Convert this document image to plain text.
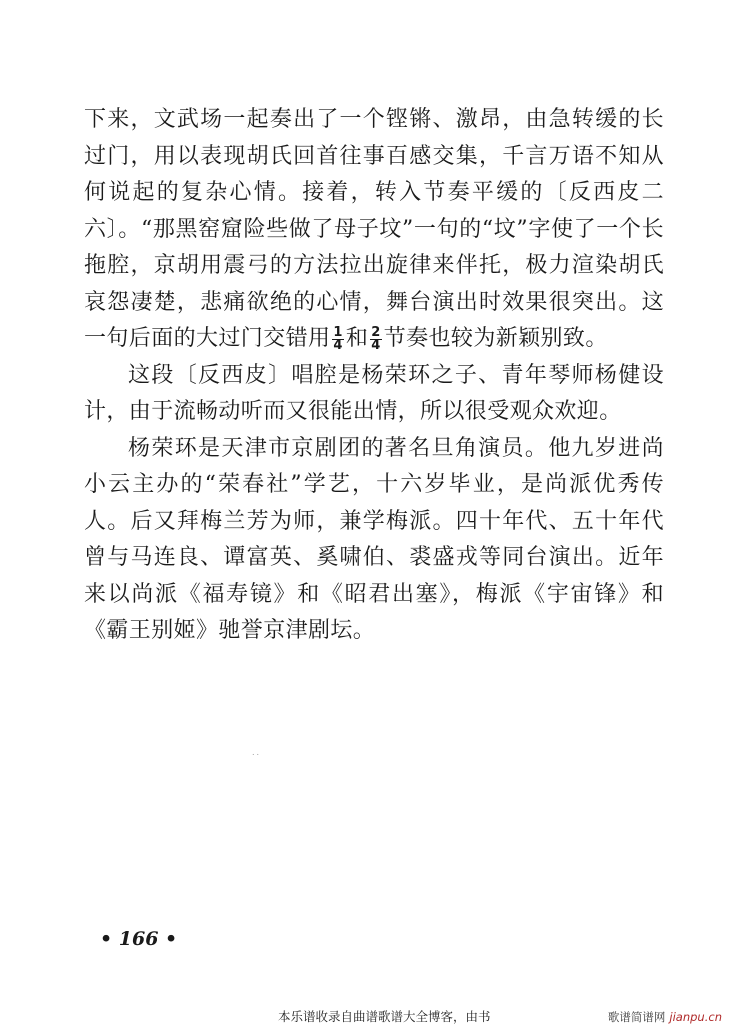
下来，文武场一起奏出了一个铿锵、激昂，由急转缓的长过门，用以表现胡氏回首往事百感交集，千言万语不知从何说起的复杂心情。接着，转入节奏平缓的〔反西皮二六〕。“那黑窑窟险些做了母子坟”一句的“坟”字使了一个长拖腔，京胡用震弓的方法拉出旋律来伴托，极力渲染胡氏哀怨凄楚，悲痛欲绝的心情，舞台演出时效果很突出。这一句后面的大过门交错用 $\frac{1}{4}$ 和 $\frac{2}{4}$ 节奏也较为新颖别致。

这段〔反西皮〕唱腔是杨荣环之子、青年琴师杨健设计，由于流畅动听而又很能出情，所以很受观众欢迎。

杨荣环是天津市京剧团的著名旦角演员。他九岁进尚小云主办的“荣春社”学艺，十六岁毕业，是尚派优秀传人。后又拜梅兰芳为师，兼学梅派。四十年代、五十年代曾与马连良、谭富英、奚啸伯、裘盛戎等同台演出。近年来以尚派《福寿镜》和《昭君出塞》，梅派《宇宙锋》和《霸王别姬》驰誉京津剧坛。

..
• 166 •
本乐谱收录自曲谱歌谱大全博客，由书	歌谱简谱网 jianpu.cn
